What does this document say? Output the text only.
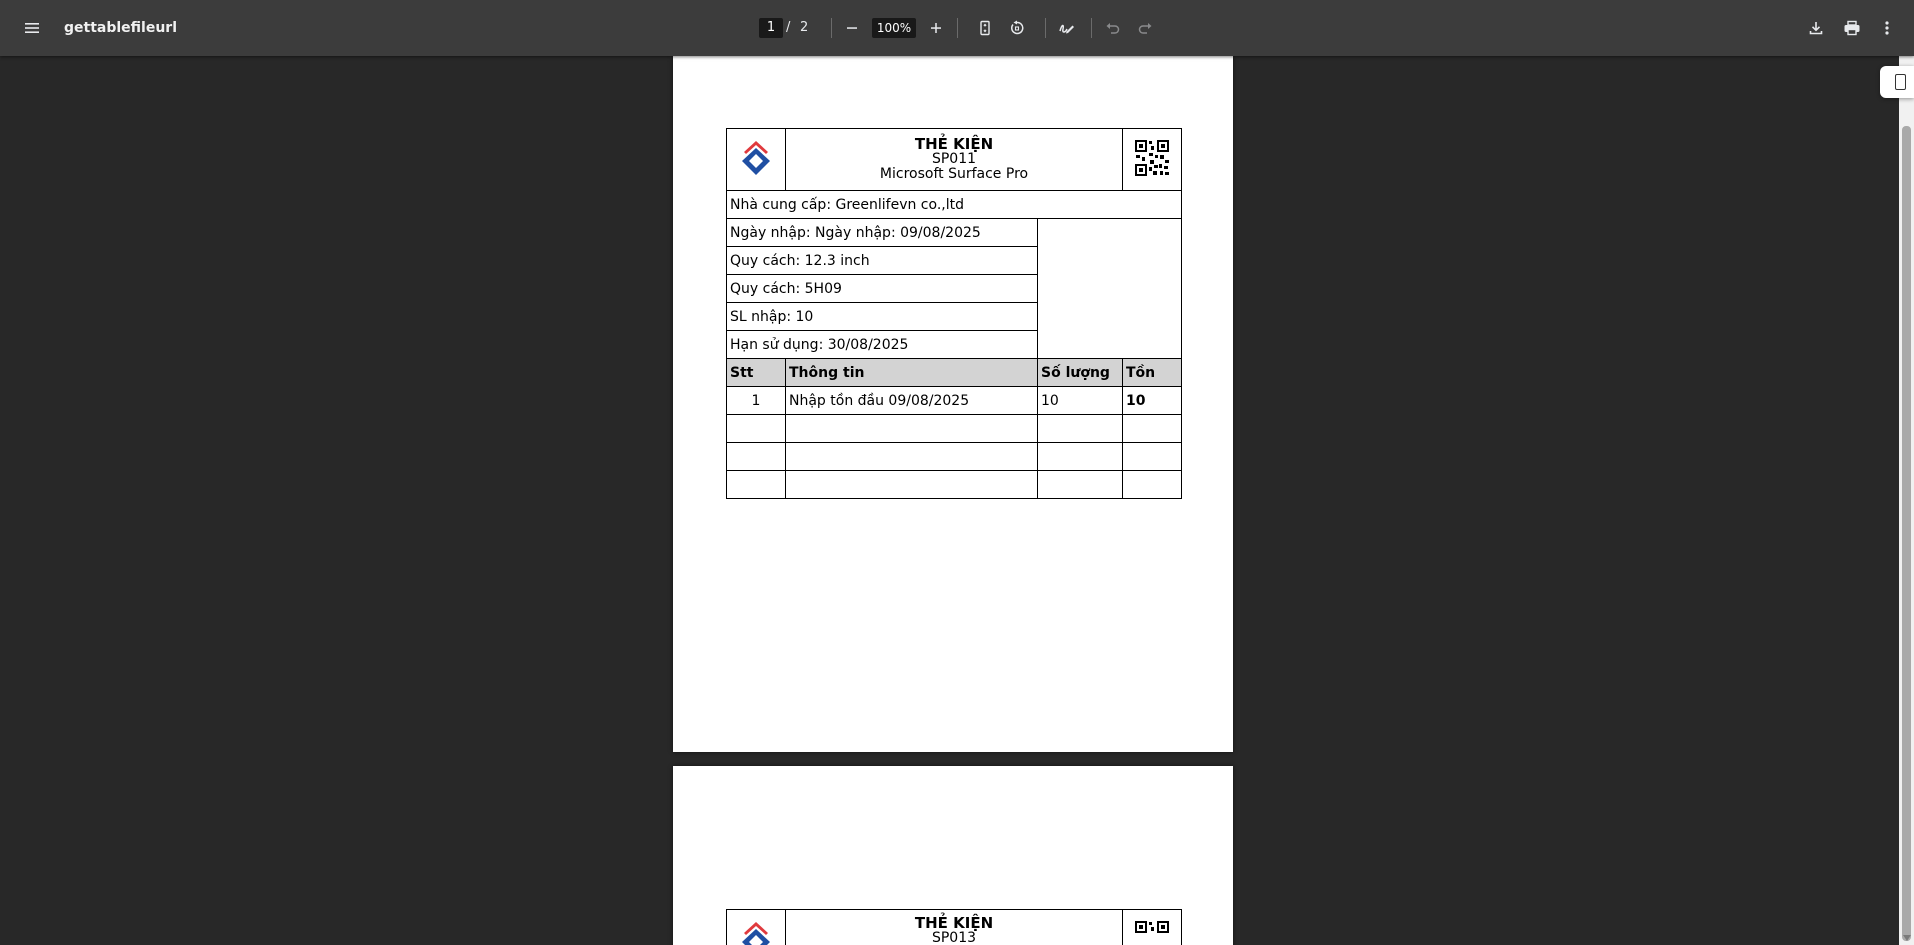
gettablefileurl	1 / 2	100%

THẺ KIỆN
SP011
Microsoft Surface Pro

Nhà cung cấp: Greenlifevn co.,ltd			
Ngày nhập: Ngày nhập: 09/08/2025			
Quy cách: 12.3 inch			
Quy cách: 5H09			
SL nhập: 10			
Hạn sử dụng: 30/08/2025			
Stt	Thông tin	Số lượng	Tồn
1	Nhập tồn đầu 09/08/2025	10	10

THẺ KIỆN
SP013
